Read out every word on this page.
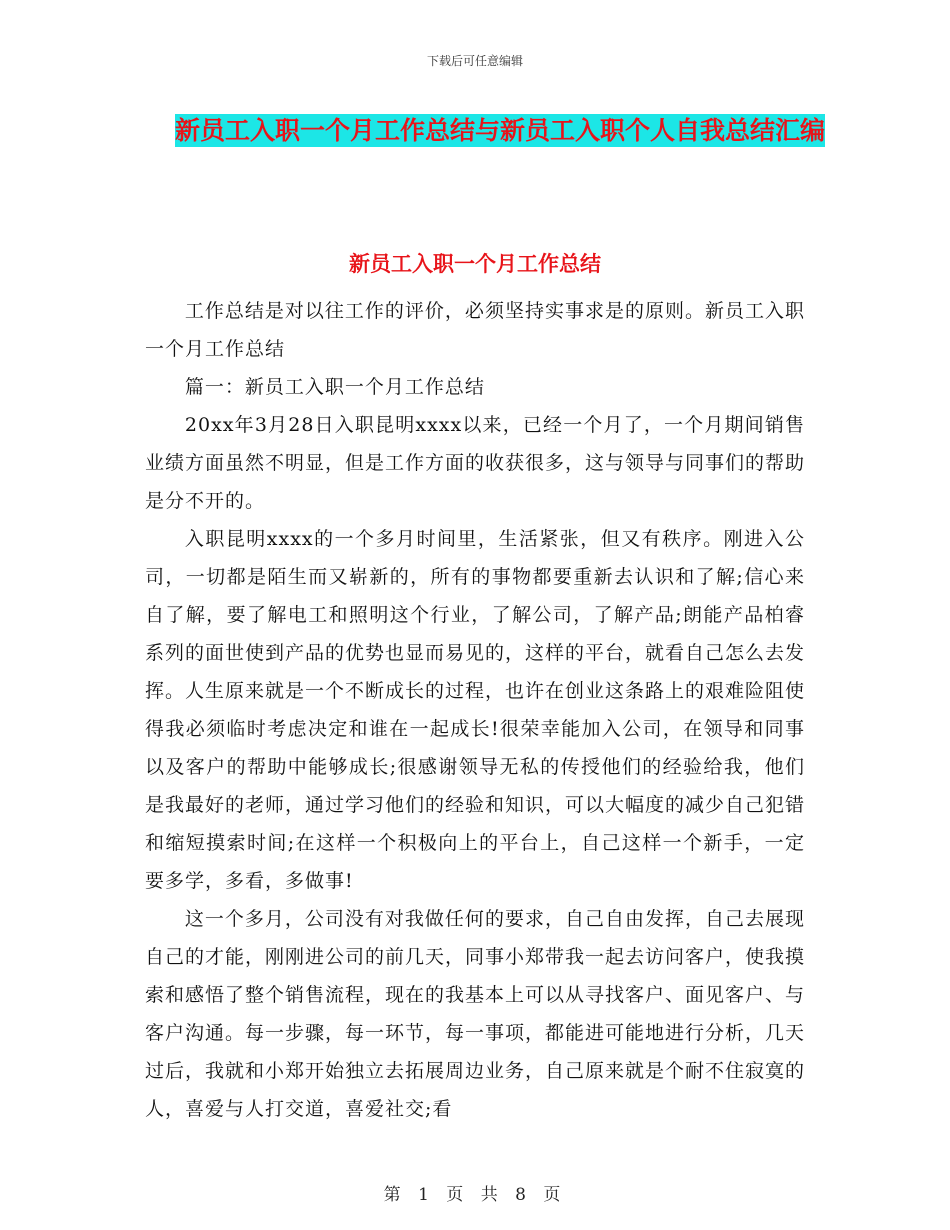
下载后可任意编辑
新员工入职一个月工作总结与新员工入职个人自我总结汇编
新员工入职一个月工作总结

工作总结是对以往工作的评价，必须坚持实事求是的原则。新员工入职一个月工作总结

篇一：新员工入职一个月工作总结

20xx年3月28日入职昆明xxxx以来，已经一个月了，一个月期间销售业绩方面虽然不明显，但是工作方面的收获很多，这与领导与同事们的帮助是分不开的。

入职昆明xxxx的一个多月时间里，生活紧张，但又有秩序。刚进入公司，一切都是陌生而又崭新的，所有的事物都要重新去认识和了解;信心来自了解，要了解电工和照明这个行业，了解公司，了解产品;朗能产品柏睿系列的面世使到产品的优势也显而易见的，这样的平台，就看自己怎么去发挥。人生原来就是一个不断成长的过程，也许在创业这条路上的艰难险阻使得我必须临时考虑决定和谁在一起成长!很荣幸能加入公司，在领导和同事以及客户的帮助中能够成长;很感谢领导无私的传授他们的经验给我，他们是我最好的老师，通过学习他们的经验和知识，可以大幅度的减少自己犯错和缩短摸索时间;在这样一个积极向上的平台上，自己这样一个新手，一定要多学，多看，多做事!

这一个多月，公司没有对我做任何的要求，自己自由发挥，自己去展现自己的才能，刚刚进公司的前几天，同事小郑带我一起去访问客户，使我摸索和感悟了整个销售流程，现在的我基本上可以从寻找客户、面见客户、与客户沟通。每一步骤，每一环节，每一事项，都能进可能地进行分析，几天过后，我就和小郑开始独立去拓展周边业务，自己原来就是个耐不住寂寞的人，喜爱与人打交道，喜爱社交;看

第 1 页 共 8 页
